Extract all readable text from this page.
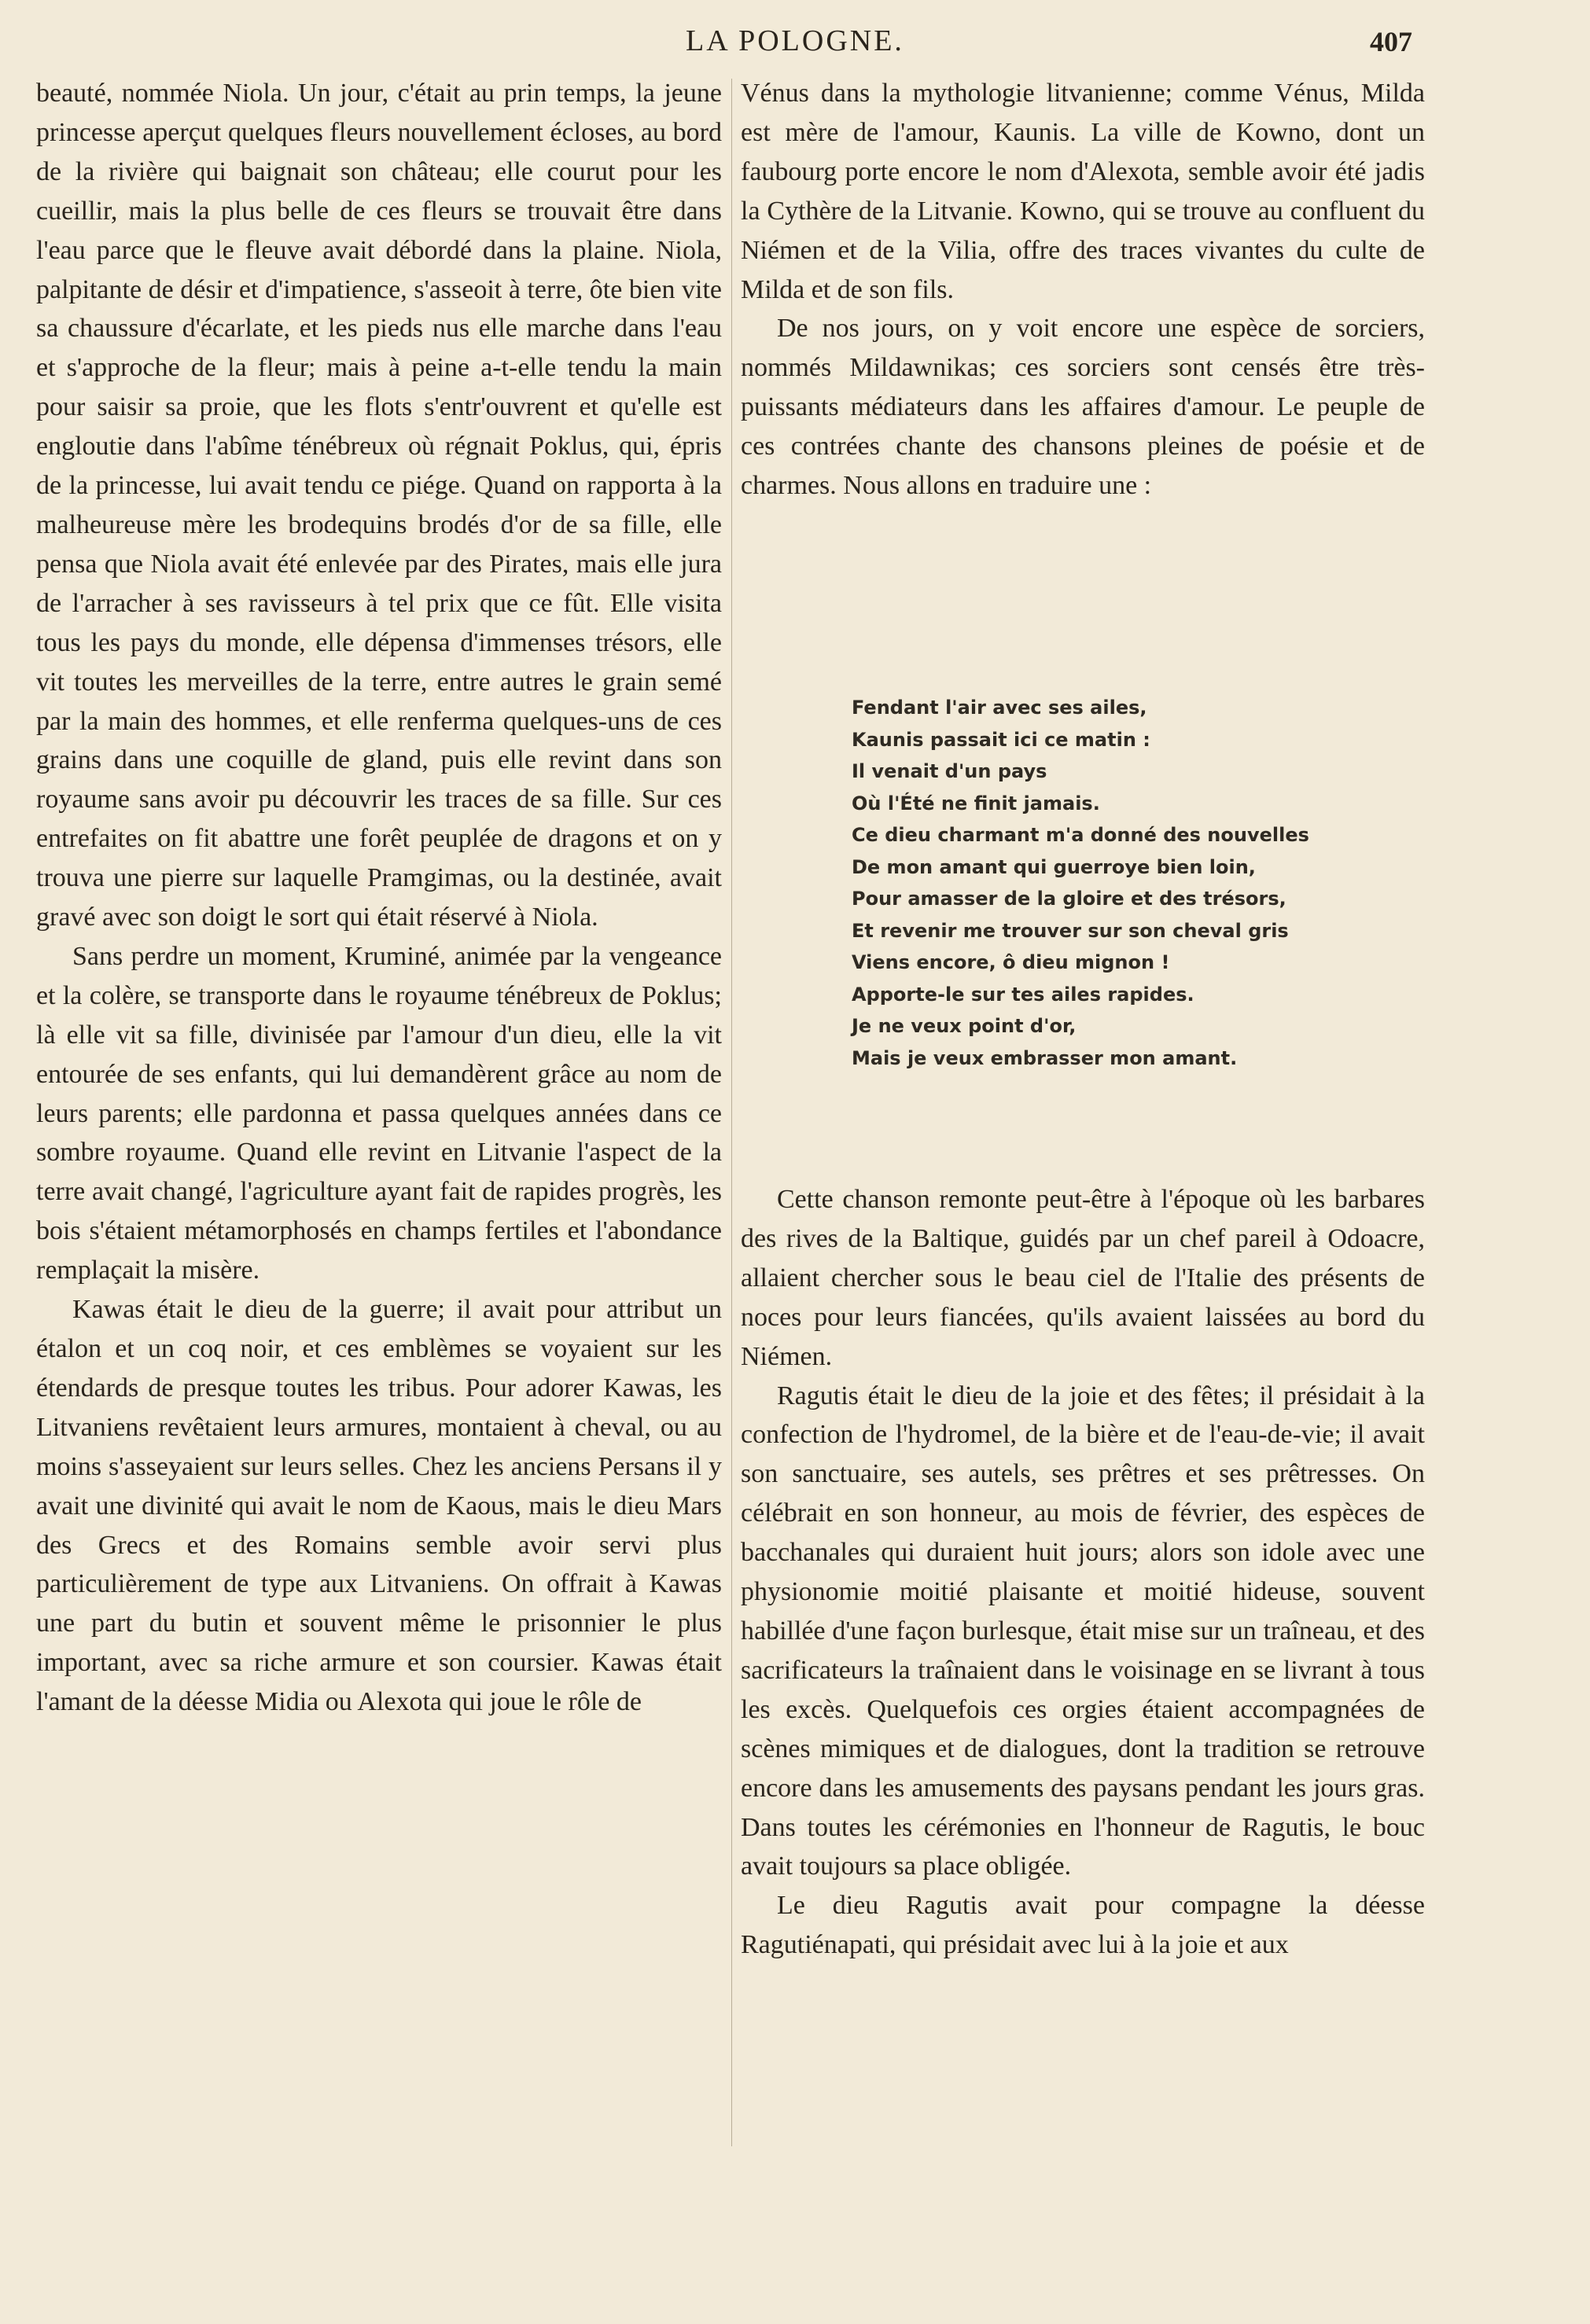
LA POLOGNE.	407

beauté, nommée Niola. Un jour, c'était au prin temps, la jeune princesse aperçut quelques fleurs nouvellement écloses, au bord de la rivière qui baignait son château; elle courut pour les cueillir, mais la plus belle de ces fleurs se trouvait être dans l'eau parce que le fleuve avait débordé dans la plaine. Niola, palpitante de désir et d'impatience, s'asseoit à terre, ôte bien vite sa chaussure d'écarlate, et les pieds nus elle marche dans l'eau et s'approche de la fleur; mais à peine a-t-elle tendu la main pour saisir sa proie, que les flots s'entr'ouvrent et qu'elle est engloutie dans l'abîme ténébreux où régnait Poklus, qui, épris de la princesse, lui avait tendu ce piége. Quand on rapporta à la malheureuse mère les brodequins brodés d'or de sa fille, elle pensa que Niola avait été enlevée par des Pirates, mais elle jura de l'arracher à ses ravisseurs à tel prix que ce fût. Elle visita tous les pays du monde, elle dépensa d'immenses trésors, elle vit toutes les merveilles de la terre, entre autres le grain semé par la main des hommes, et elle renferma quelques-uns de ces grains dans une coquille de gland, puis elle revint dans son royaume sans avoir pu découvrir les traces de sa fille. Sur ces entrefaites on fit abattre une forêt peuplée de dragons et on y trouva une pierre sur laquelle Pramgimas, ou la destinée, avait gravé avec son doigt le sort qui était réservé à Niola.

Sans perdre un moment, Kruminé, animée par la vengeance et la colère, se transporte dans le royaume ténébreux de Poklus; là elle vit sa fille, divinisée par l'amour d'un dieu, elle la vit entourée de ses enfants, qui lui demandèrent grâce au nom de leurs parents; elle pardonna et passa quelques années dans ce sombre royaume. Quand elle revint en Litvanie l'aspect de la terre avait changé, l'agriculture ayant fait de rapides progrès, les bois s'étaient métamorphosés en champs fertiles et l'abondance remplaçait la misère.

Kawas était le dieu de la guerre; il avait pour attribut un étalon et un coq noir, et ces emblèmes se voyaient sur les étendards de presque toutes les tribus. Pour adorer Kawas, les Litvaniens revêtaient leurs armures, montaient à cheval, ou au moins s'asseyaient sur leurs selles. Chez les anciens Persans il y avait une divinité qui avait le nom de Kaous, mais le dieu Mars des Grecs et des Romains semble avoir servi plus particulièrement de type aux Litvaniens. On offrait à Kawas une part du butin et souvent même le prisonnier le plus important, avec sa riche armure et son coursier. Kawas était l'amant de la déesse Midia ou Alexota qui joue le rôle de

Vénus dans la mythologie litvanienne; comme Vénus, Milda est mère de l'amour, Kaunis. La ville de Kowno, dont un faubourg porte encore le nom d'Alexota, semble avoir été jadis la Cythère de la Litvanie. Kowno, qui se trouve au confluent du Niémen et de la Vilia, offre des traces vivantes du culte de Milda et de son fils.

De nos jours, on y voit encore une espèce de sorciers, nommés Mildawnikas; ces sorciers sont censés être très-puissants médiateurs dans les affaires d'amour. Le peuple de ces contrées chante des chansons pleines de poésie et de charmes. Nous allons en traduire une :

Fendant l'air avec ses ailes,
Kaunis passait ici ce matin :
Il venait d'un pays
Où l'Été ne finit jamais.
Ce dieu charmant m'a donné des nouvelles
De mon amant qui guerroye bien loin,
Pour amasser de la gloire et des trésors,
Et revenir me trouver sur son cheval gris
Viens encore, ô dieu mignon !
Apporte-le sur tes ailes rapides.
Je ne veux point d'or,
Mais je veux embrasser mon amant.

Cette chanson remonte peut-être à l'époque où les barbares des rives de la Baltique, guidés par un chef pareil à Odoacre, allaient chercher sous le beau ciel de l'Italie des présents de noces pour leurs fiancées, qu'ils avaient laissées au bord du Niémen.

Ragutis était le dieu de la joie et des fêtes; il présidait à la confection de l'hydromel, de la bière et de l'eau-de-vie; il avait son sanctuaire, ses autels, ses prêtres et ses prêtresses. On célébrait en son honneur, au mois de février, des espèces de bacchanales qui duraient huit jours; alors son idole avec une physionomie moitié plaisante et moitié hideuse, souvent habillée d'une façon burlesque, était mise sur un traîneau, et des sacrificateurs la traînaient dans le voisinage en se livrant à tous les excès. Quelquefois ces orgies étaient accompagnées de scènes mimiques et de dialogues, dont la tradition se retrouve encore dans les amusements des paysans pendant les jours gras. Dans toutes les cérémonies en l'honneur de Ragutis, le bouc avait toujours sa place obligée.

Le dieu Ragutis avait pour compagne la déesse Ragutiénapati, qui présidait avec lui à la joie et aux
